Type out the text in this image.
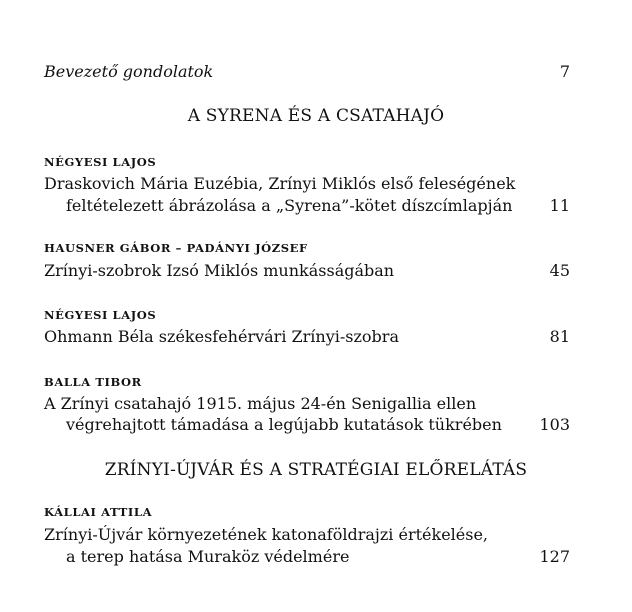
Bevezető gondolatok	7
A SYRENA ÉS A CSATAHAJÓ
NÉGYESI LAJOS
Draskovich Mária Euzébia, Zrínyi Miklós első feleségének
feltételezett ábrázolása a „Syrena”-kötet díszcímlapján 11
HAUSNER GÁBOR – PADÁNYI JÓZSEF
Zrínyi-szobrok Izsó Miklós munkásságában	45
NÉGYESI LAJOS
Ohmann Béla székesfehérvári Zrínyi-szobra	81
BALLA TIBOR
A Zrínyi csatahajó 1915. május 24-én Senigallia ellen
végrehajtott támadása a legújabb kutatások tükrében 103
ZRÍNYI-ÚJVÁR ÉS A STRATÉGIAI ELŐRELÁTÁS
KÁLLAI ATTILA
Zrínyi-Újvár környezetének katonaföldrajzi értékelése,
a terep hatása Muraköz védelmére	127
